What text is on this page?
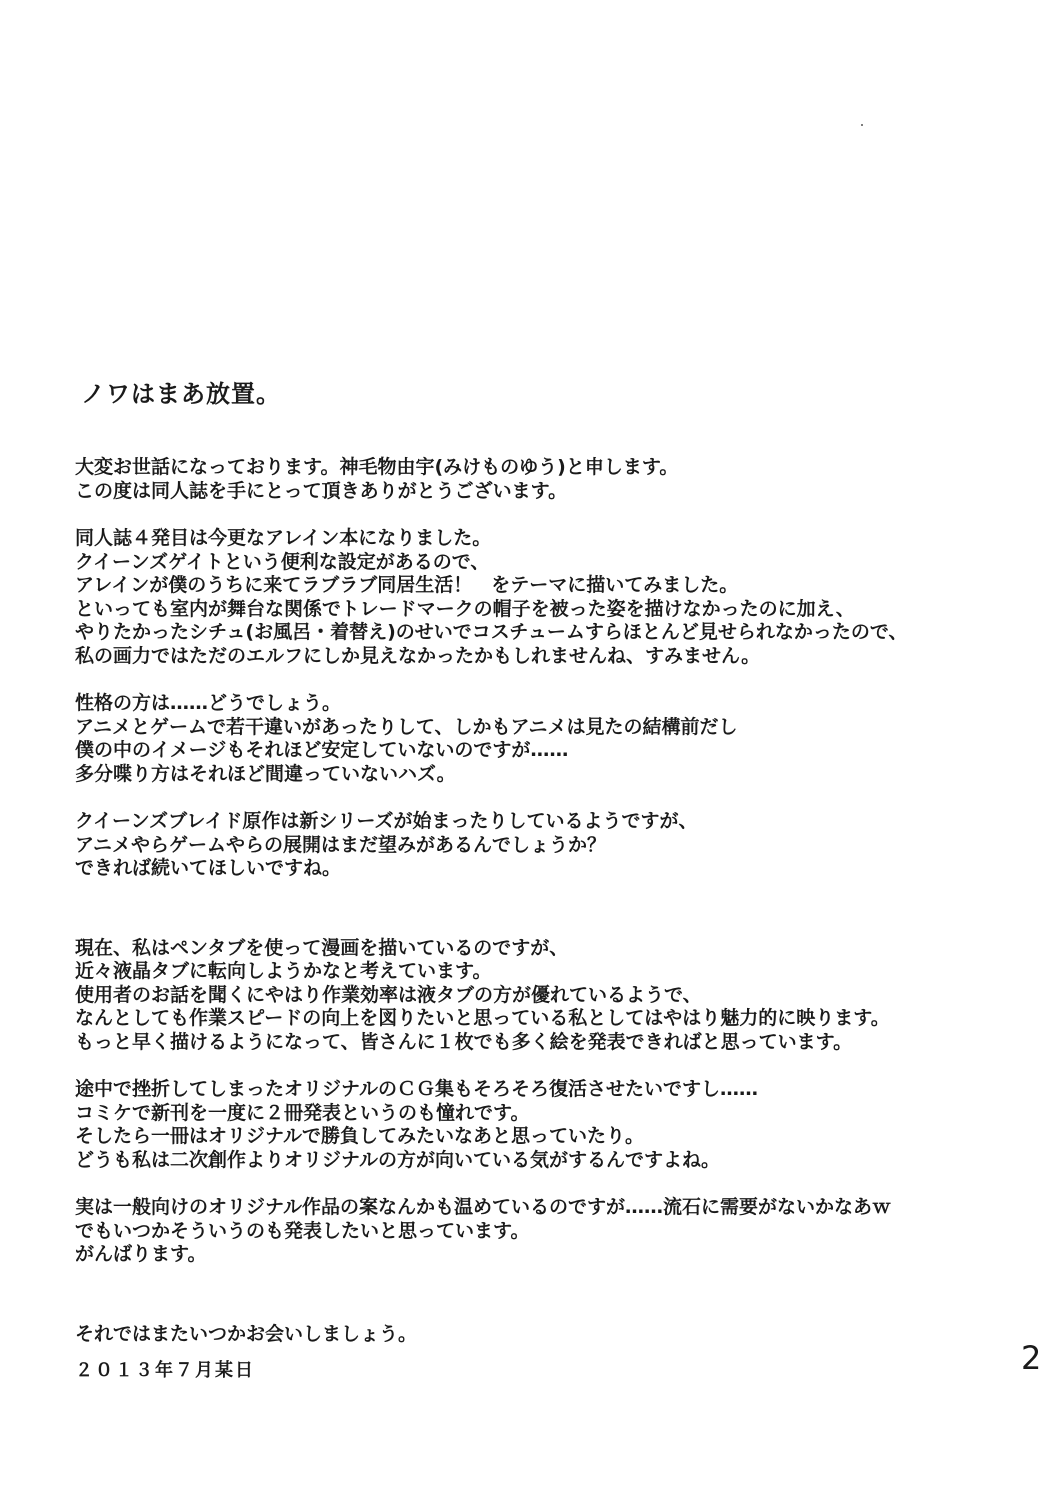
ノワはまあ放置。

大変お世話になっております。神毛物由宇(みけものゆう)と申します。
この度は同人誌を手にとって頂きありがとうございます。

同人誌４発目は今更なアレイン本になりました。
クイーンズゲイトという便利な設定があるので、
アレインが僕のうちに来てラブラブ同居生活！　をテーマに描いてみました。
といっても室内が舞台な関係でトレードマークの帽子を被った姿を描けなかったのに加え、
やりたかったシチュ(お風呂・着替え)のせいでコスチュームすらほとんど見せられなかったので、
私の画力ではただのエルフにしか見えなかったかもしれませんね、すみません。

性格の方は……どうでしょう。
アニメとゲームで若干違いがあったりして、しかもアニメは見たの結構前だし
僕の中のイメージもそれほど安定していないのですが……
多分喋り方はそれほど間違っていないハズ。

クイーンズブレイド原作は新シリーズが始まったりしているようですが、
アニメやらゲームやらの展開はまだ望みがあるんでしょうか？
できれば続いてほしいですね。

現在、私はペンタブを使って漫画を描いているのですが、
近々液晶タブに転向しようかなと考えています。
使用者のお話を聞くにやはり作業効率は液タブの方が優れているようで、
なんとしても作業スピードの向上を図りたいと思っている私としてはやはり魅力的に映ります。
もっと早く描けるようになって、皆さんに１枚でも多く絵を発表できればと思っています。

途中で挫折してしまったオリジナルのＣＧ集もそろそろ復活させたいですし……
コミケで新刊を一度に２冊発表というのも憧れです。
そしたら一冊はオリジナルで勝負してみたいなあと思っていたり。
どうも私は二次創作よりオリジナルの方が向いている気がするんですよね。

実は一般向けのオリジナル作品の案なんかも温めているのですが……流石に需要がないかなあｗ
でもいつかそういうのも発表したいと思っています。
がんばります。

それではまたいつかお会いしましょう。

２０１３年７月某日	2
